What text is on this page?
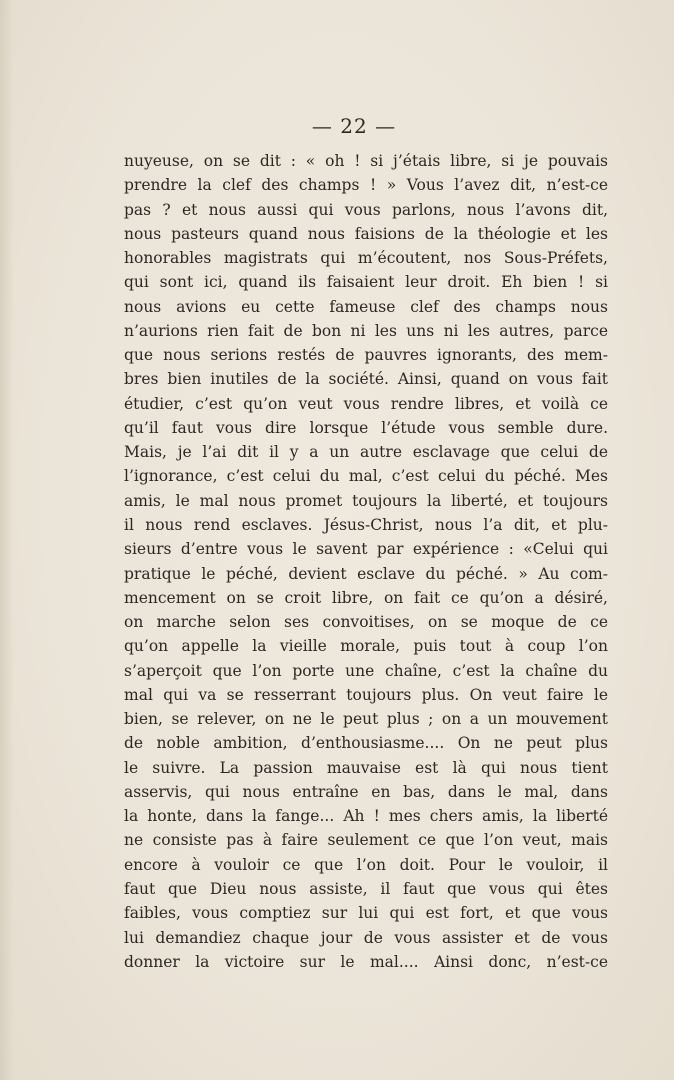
— 22 —
nuyeuse, on se dit : « oh ! si j’étais libre, si je pouvais
prendre la clef des champs ! » Vous l’avez dit, n’est-ce
pas ? et nous aussi qui vous parlons, nous l’avons dit,
nous pasteurs quand nous faisions de la théologie et les
honorables magistrats qui m’écoutent, nos Sous-Préfets,
qui sont ici, quand ils faisaient leur droit. Eh bien ! si
nous avions eu cette fameuse clef des champs nous
n’aurions rien fait de bon ni les uns ni les autres, parce
que nous serions restés de pauvres ignorants, des mem-
bres bien inutiles de la société. Ainsi, quand on vous fait
étudier, c’est qu’on veut vous rendre libres, et voilà ce
qu’il faut vous dire lorsque l’étude vous semble dure.
Mais, je l’ai dit il y a un autre esclavage que celui de
l’ignorance, c’est celui du mal, c’est celui du péché. Mes
amis, le mal nous promet toujours la liberté, et toujours
il nous rend esclaves. Jésus-Christ, nous l’a dit, et plu-
sieurs d’entre vous le savent par expérience : «Celui qui
pratique le péché, devient esclave du péché. » Au com-
mencement on se croit libre, on fait ce qu’on a désiré,
on marche selon ses convoitises, on se moque de ce
qu’on appelle la vieille morale, puis tout à coup l’on
s’aperçoit que l’on porte une chaîne, c’est la chaîne du
mal qui va se resserrant toujours plus. On veut faire le
bien, se relever, on ne le peut plus ; on a un mouvement
de noble ambition, d’enthousiasme.... On ne peut plus
le suivre. La passion mauvaise est là qui nous tient
asservis, qui nous entraîne en bas, dans le mal, dans
la honte, dans la fange... Ah ! mes chers amis, la liberté
ne consiste pas à faire seulement ce que l’on veut, mais
encore à vouloir ce que l’on doit. Pour le vouloir, il
faut que Dieu nous assiste, il faut que vous qui êtes
faibles, vous comptiez sur lui qui est fort, et que vous
lui demandiez chaque jour de vous assister et de vous
donner la victoire sur le mal.... Ainsi donc, n’est-ce
